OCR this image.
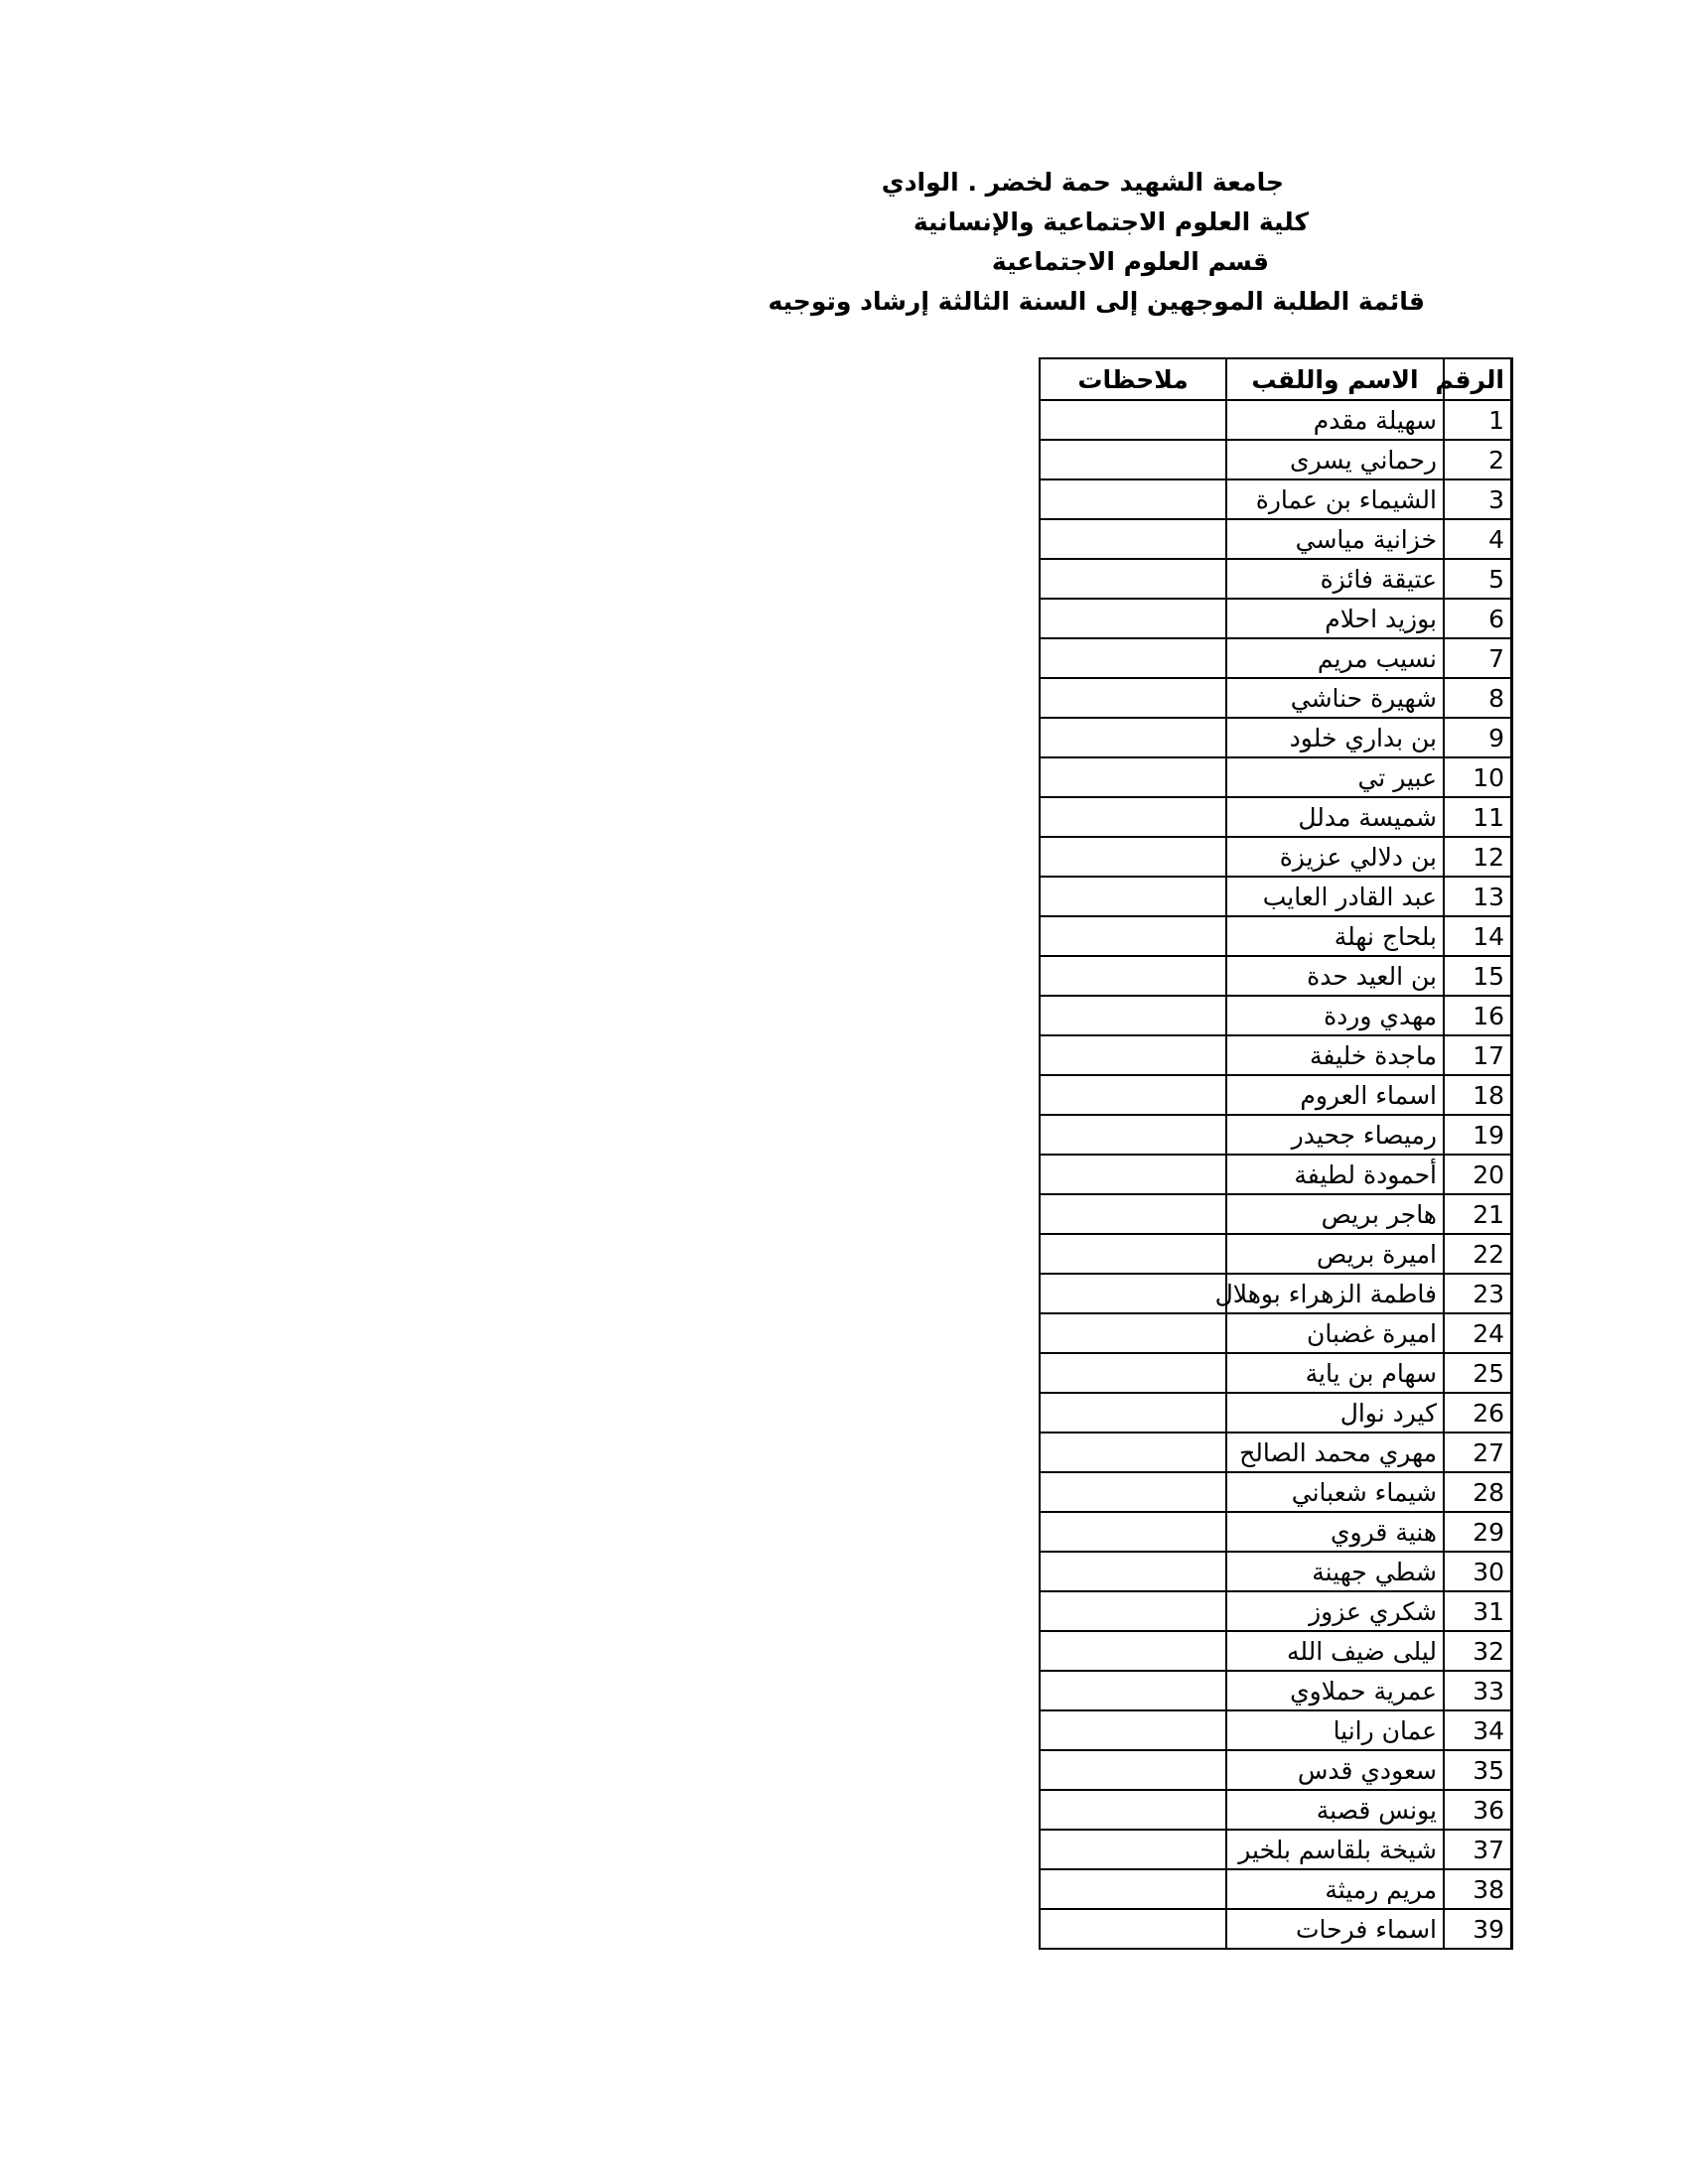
جامعة الشهيد حمة لخضر . الوادي
كلية العلوم الاجتماعية والإنسانية
قسم العلوم الاجتماعية
قائمة الطلبة الموجهين إلى السنة الثالثة إرشاد وتوجيه
الرقم	الاسم واللقب	ملاحظات
1	سهيلة مقدم	
2	رحماني يسرى	
3	الشيماء بن عمارة	
4	خزانية مياسي	
5	عتيقة فائزة	
6	بوزيد احلام	
7	نسيب مريم	
8	شهيرة حناشي	
9	بن بداري خلود	
10	عبير تي	
11	شميسة مدلل	
12	بن دلالي عزيزة	
13	عبد القادر العايب	
14	بلحاج نهلة	
15	بن العيد حدة	
16	مهدي وردة	
17	ماجدة خليفة	
18	اسماء العروم	
19	رميصاء جحيدر	
20	أحمودة لطيفة	
21	هاجر بريص	
22	اميرة بريص	
23	فاطمة الزهراء بوهلال	
24	اميرة غضبان	
25	سهام بن ياية	
26	كيرد نوال	
27	مهري محمد الصالح	
28	شيماء شعباني	
29	هنية قروي	
30	شطي جهينة	
31	شكري عزوز	
32	ليلى ضيف الله	
33	عمرية حملاوي	
34	عمان رانيا	
35	سعودي قدس	
36	يونس قصبة	
37	شيخة بلقاسم بلخير	
38	مريم رميثة	
39	اسماء فرحات	
